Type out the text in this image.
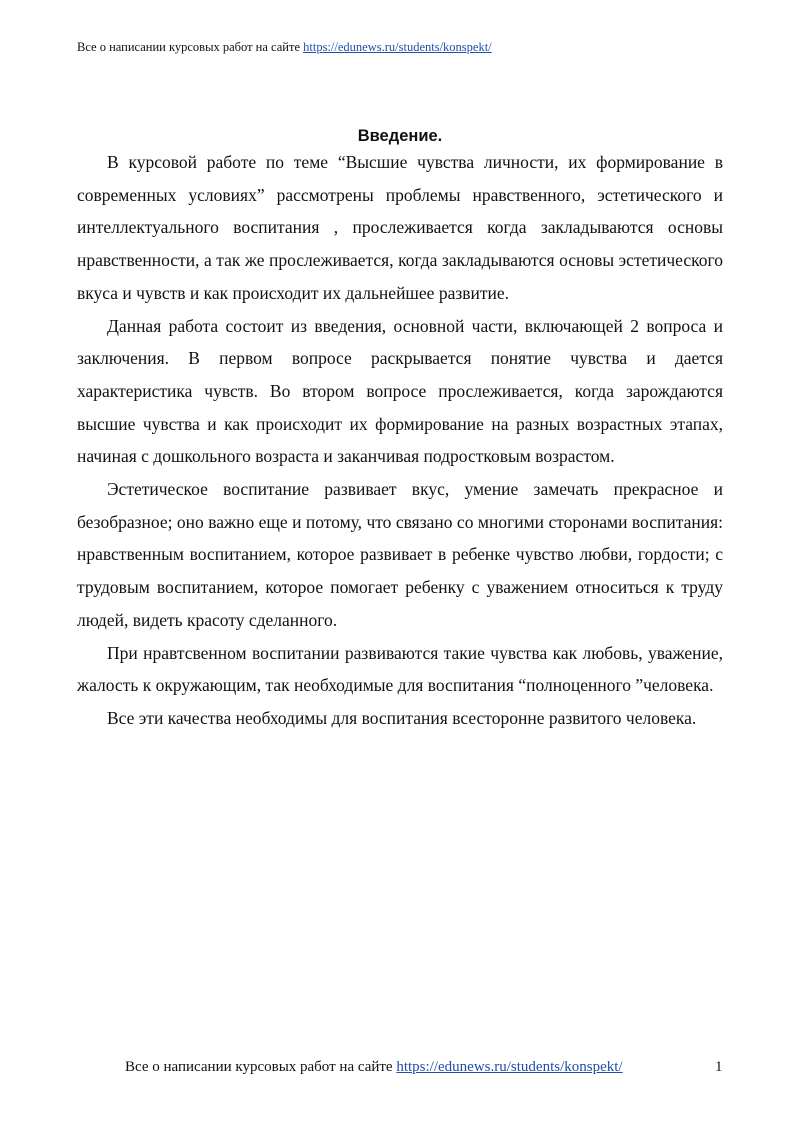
Все о написании курсовых работ на сайте https://edunews.ru/students/konspekt/
Введение.

В курсовой работе по теме “Высшие чувства личности, их формирование в современных условиях” рассмотрены проблемы нравственного, эстетического и интеллектуального воспитания , прослеживается когда закладываются основы нравственности, а так же прослеживается, когда закладываются основы эстетического вкуса и чувств и как происходит их дальнейшее развитие.

Данная работа состоит из введения, основной части, включающей 2 вопроса и заключения. В первом вопросе раскрывается понятие чувства и дается характеристика чувств. Во втором вопросе прослеживается, когда зарождаются высшие чувства и как происходит их формирование на разных возрастных этапах, начиная с дошкольного возраста и заканчивая подростковым возрастом.

Эстетическое воспитание развивает вкус, умение замечать прекрасное и безобразное; оно важно еще и потому, что связано со многими сторонами воспитания: нравственным воспитанием, которое развивает в ребенке чувство любви, гордости; с трудовым воспитанием, которое помогает ребенку с уважением относиться к труду людей, видеть красоту сделанного.

При нравтсвенном воспитании развиваются такие чувства как любовь, уважение, жалость к окружающим, так необходимые для воспитания “полноценного ”человека.

Все эти качества необходимы для воспитания всесторонне развитого человека.

Все о написании курсовых работ на сайте https://edunews.ru/students/konspekt/	1
